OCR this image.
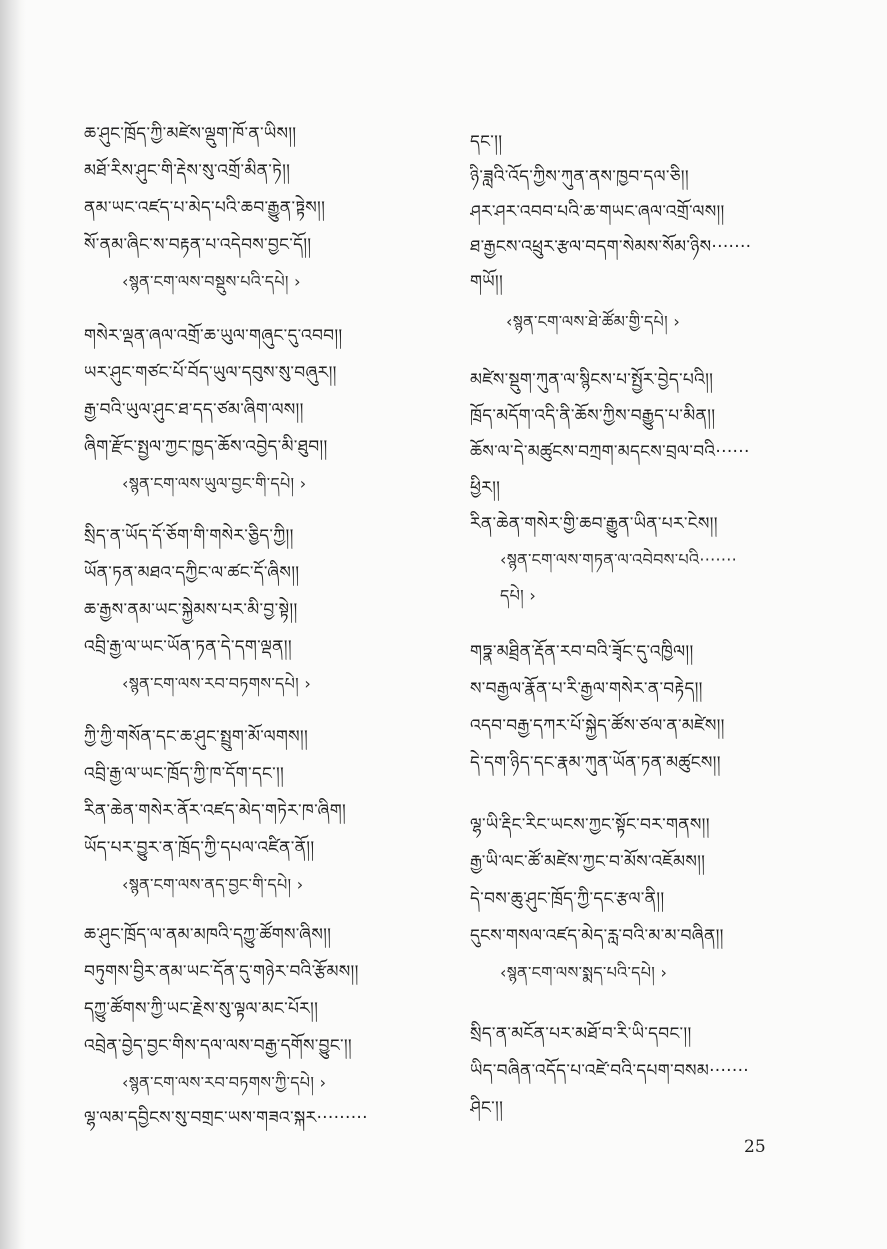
ཆ་ཤུང་ཁྲོད་ཀྱི་མཛེས་ལྡུག་ཁོ་ན་ཡིས།།
མཐོ་རིས་ཤུང་གི་རྡེས་སུ་འགྲོ་མིན་ཏེ།།
ནམ་ཡང་འཛད་པ་མེད་པའི་ཆབ་རྒྱུན་ཏྟེས།།
སོ་ནམ་ཞིང་ས་བརྟན་པ་འདེབས་བྱང་དོ།།
‹སྙན་ངག་ལས་བསྡུས་པའི་དཔེ། ›
གསེར་ལྡན་ཞལ་འགྲོ་ཆ་ཡུལ་གཞུང་དུ་འབབ།།
ཡར་ཤུང་གཙང་པོ་བོད་ཡུལ་དབུས་སུ་བཞུར།།
རྒྱ་བའི་ཡུལ་ཤུང་ཐ་དད་ཙམ་ཞིག་ལས།།
ཞིག་རྫོང་སྤྱལ་ཀྱང་ཁྱད་ཆོས་འབྱེད་མི་ཐུབ།།
‹སྙན་ངག་ལས་ཡུལ་བྱང་གི་དཔེ། ›
སྲིད་ན་ཡོད་དོ་ཅོག་གི་གསེར་ཅྱིད་ཀྱི།།
ཡོན་ཏན་མཐའ་དཀྱིང་ལ་ཚང་དོ་ཞིས།།
ཆ་རྒྱས་ནམ་ཡང་སྐྱེམས་པར་མི་བྱ་སྟེ།།
འབྲི་རྒྱ་ལ་ཡང་ཡོན་ཏན་དེ་དག་ལྡན།།
‹སྙན་ངག་ལས་རབ་བཏགས་དཔེ། ›
ཀྱི་ཀྱི་གསོན་དང་ཆ་ཤུང་སྤྲུག་མོ་ལགས།།
འབྲི་རྒྱ་ལ་ཡང་ཁྲོད་ཀྱི་ཁ་དོག་དང་།།
རིན་ཆེན་གསེར་ནོར་འཛད་མེད་གཏེར་ཁ་ཞིག།
ཡོད་པར་བྱུར་ན་ཁྲོད་ཀྱི་དཔལ་འཛིན་ནོ།།
‹སྙན་ངག་ལས་ནད་བྱང་གི་དཔེ། ›
ཆ་ཤུང་ཁྲོད་ལ་ནམ་མཁའི་དཀྱུ་ཚོགས་ཞིས།།
བཏུགས་བྱིར་ནམ་ཡང་དོན་དུ་གཉེར་བའི་རྩོམས།།
དཀྱུ་ཚོགས་ཀྱི་ཡང་རྗེས་སུ་ལྟལ་མང་པོར།།
འབྲེན་བྱེད་བྱང་གིས་དལ་ལས་བརྒྱ་དགོས་བྱུང་།།
‹སྙན་ངག་ལས་རབ་བཏགས་ཀྱི་དཔེ། ›
ལྷ་ལམ་དབྱིངས་སུ་བགྲང་ཡས་གཟའ་སྐར·········
དང་།།
ཉི་ཟླའི་འོད་ཀྱིས་ཀུན་ནས་ཁྱབ་དལ་ཅི།།
ཤར་ཤར་འབབ་པའི་ཆ་གཡང་ཞལ་འགྲོ་ལས།།
ཐ་རྒྱངས་འཕྲུར་རྩལ་བདག་སེམས་སོམ་ཉིས·······
གཡོ།།
‹སྙན་ངག་ལས་ཐེ་ཚོམ་གྱི་དཔེ། ›
མཛེས་སྡུག་ཀུན་ལ་སྙིངས་པ་སྤྱོར་བྱེད་པའི།།
ཁྲོད་མདོག་འདི་ནི་ཆོས་ཀྱིས་བརྒྱུད་པ་མིན།།
ཆོས་ལ་དེ་མཚུངས་བཀྲག་མདངས་བྲལ་བའི······
ཕྱིར།།
རིན་ཆེན་གསེར་གྱི་ཆབ་རྒྱུན་ཡིན་པར་ངེས།།
‹སྙན་ངག་ལས་གཏན་ལ་འབེབས་པའི·······
དཔེ། ›
གཏྣ་མཐྲིན་རྡོན་རབ་བའི་ཟྭོང་དུ་འཁྱིལ།།
ས་བརྒྱལ་རྣོན་པ་རི་རྒྱལ་གསེར་ན་བརྟེད།།
འདབ་བརྒྱ་དཀར་པོ་སྐྱེད་ཚོས་ཙལ་ན་མཛེས།།
དེ་དག་ཉིད་དང་རྣམ་ཀུན་ཡོན་ཏན་མཚུངས།།
ལྷ་ཡི་རྡིང་རིང་ཡངས་ཀྱང་སྟོང་བར་གནས།།
རྒྱ་ཡི་ལང་ཚོ་མཛེས་ཀྱང་བ་མོས་འཇོམས།།
དེ་བས་ཆུ་ཤུང་ཁྲོད་ཀྱི་དང་རྩལ་ནི།།
དུངས་གསལ་འཛད་མེད་རླ་བའི་མ་མ་བཞིན།།
‹སྙན་ངག་ལས་སྨད་པའི་དཔེ། ›
སྲིད་ན་མངོན་པར་མཐོ་བ་རི་ཡི་དབང་།།
ཡིད་བཞིན་འདོད་པ་འཛེ་བའི་དཔག་བསམ·······
ཤིང་།།
25
